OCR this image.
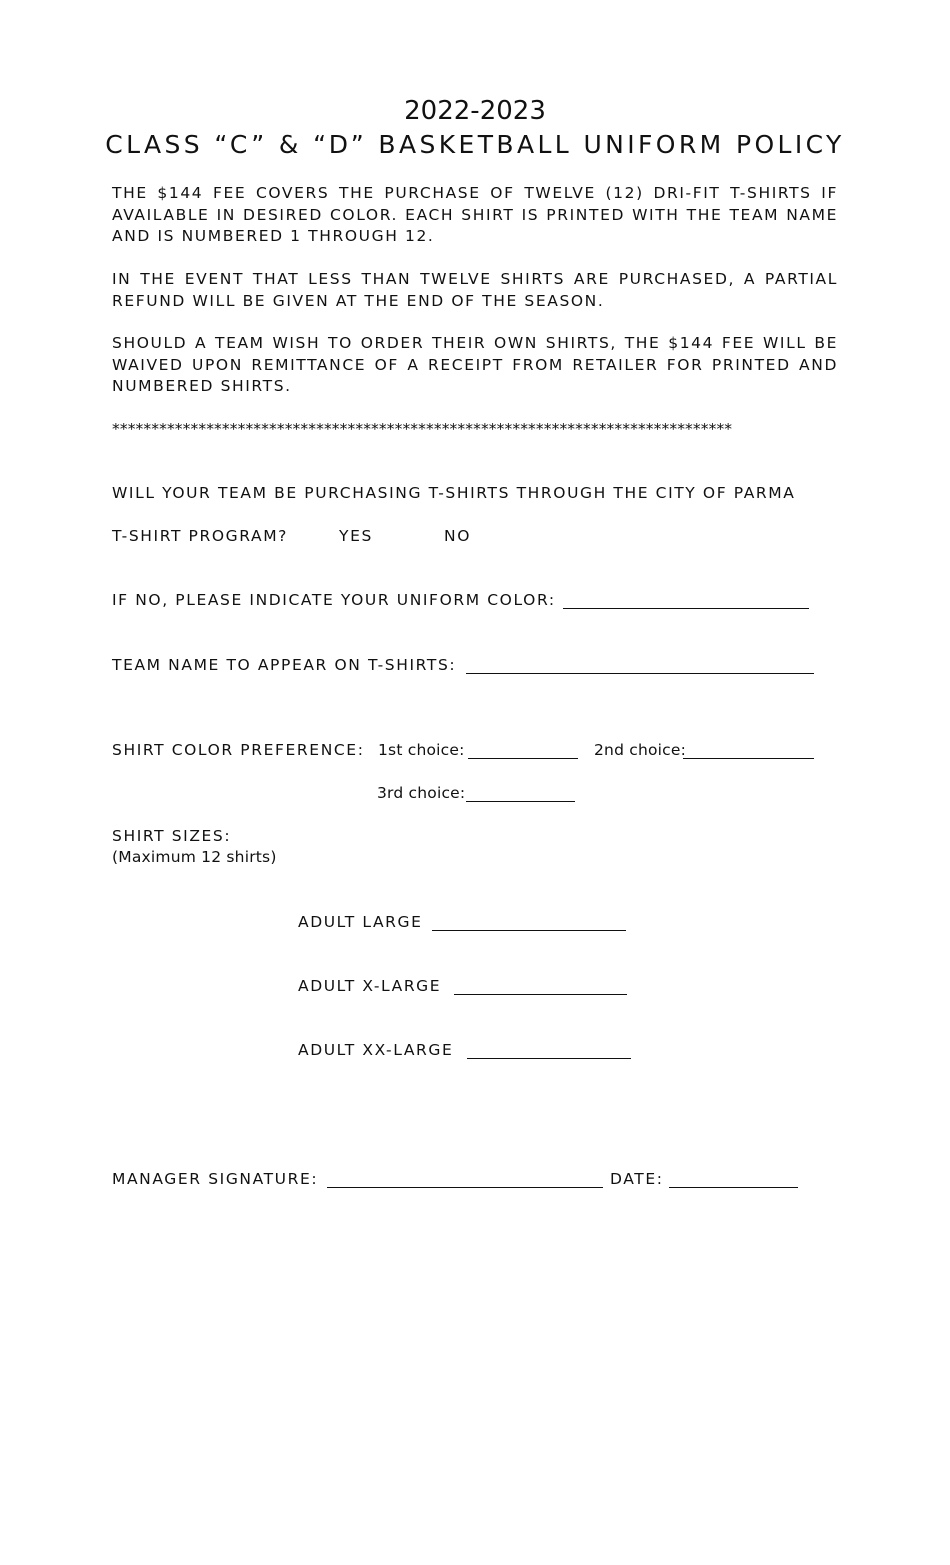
2022-2023
CLASS “C” & “D” BASKETBALL UNIFORM POLICY
THE $144 FEE COVERS THE PURCHASE OF TWELVE (12) DRI-FIT T-SHIRTS IF AVAILABLE IN DESIRED COLOR. EACH SHIRT IS PRINTED WITH THE TEAM NAME AND IS NUMBERED 1 THROUGH 12.
IN THE EVENT THAT LESS THAN TWELVE SHIRTS ARE PURCHASED, A PARTIAL REFUND WILL BE GIVEN AT THE END OF THE SEASON.
SHOULD A TEAM WISH TO ORDER THEIR OWN SHIRTS, THE $144 FEE WILL BE WAIVED UPON REMITTANCE OF A RECEIPT FROM RETAILER FOR PRINTED AND NUMBERED SHIRTS.
*******************************************************************************
WILL YOUR TEAM BE PURCHASING T-SHIRTS THROUGH THE CITY OF PARMA
T-SHIRT PROGRAM?	YES	NO
IF NO, PLEASE INDICATE YOUR UNIFORM COLOR:
TEAM NAME TO APPEAR ON T-SHIRTS:
SHIRT COLOR PREFERENCE: 1st choice:	2nd choice:
3rd choice:
SHIRT SIZES:
(Maximum 12 shirts)
ADULT LARGE
ADULT X-LARGE
ADULT XX-LARGE
MANAGER SIGNATURE:	DATE:
